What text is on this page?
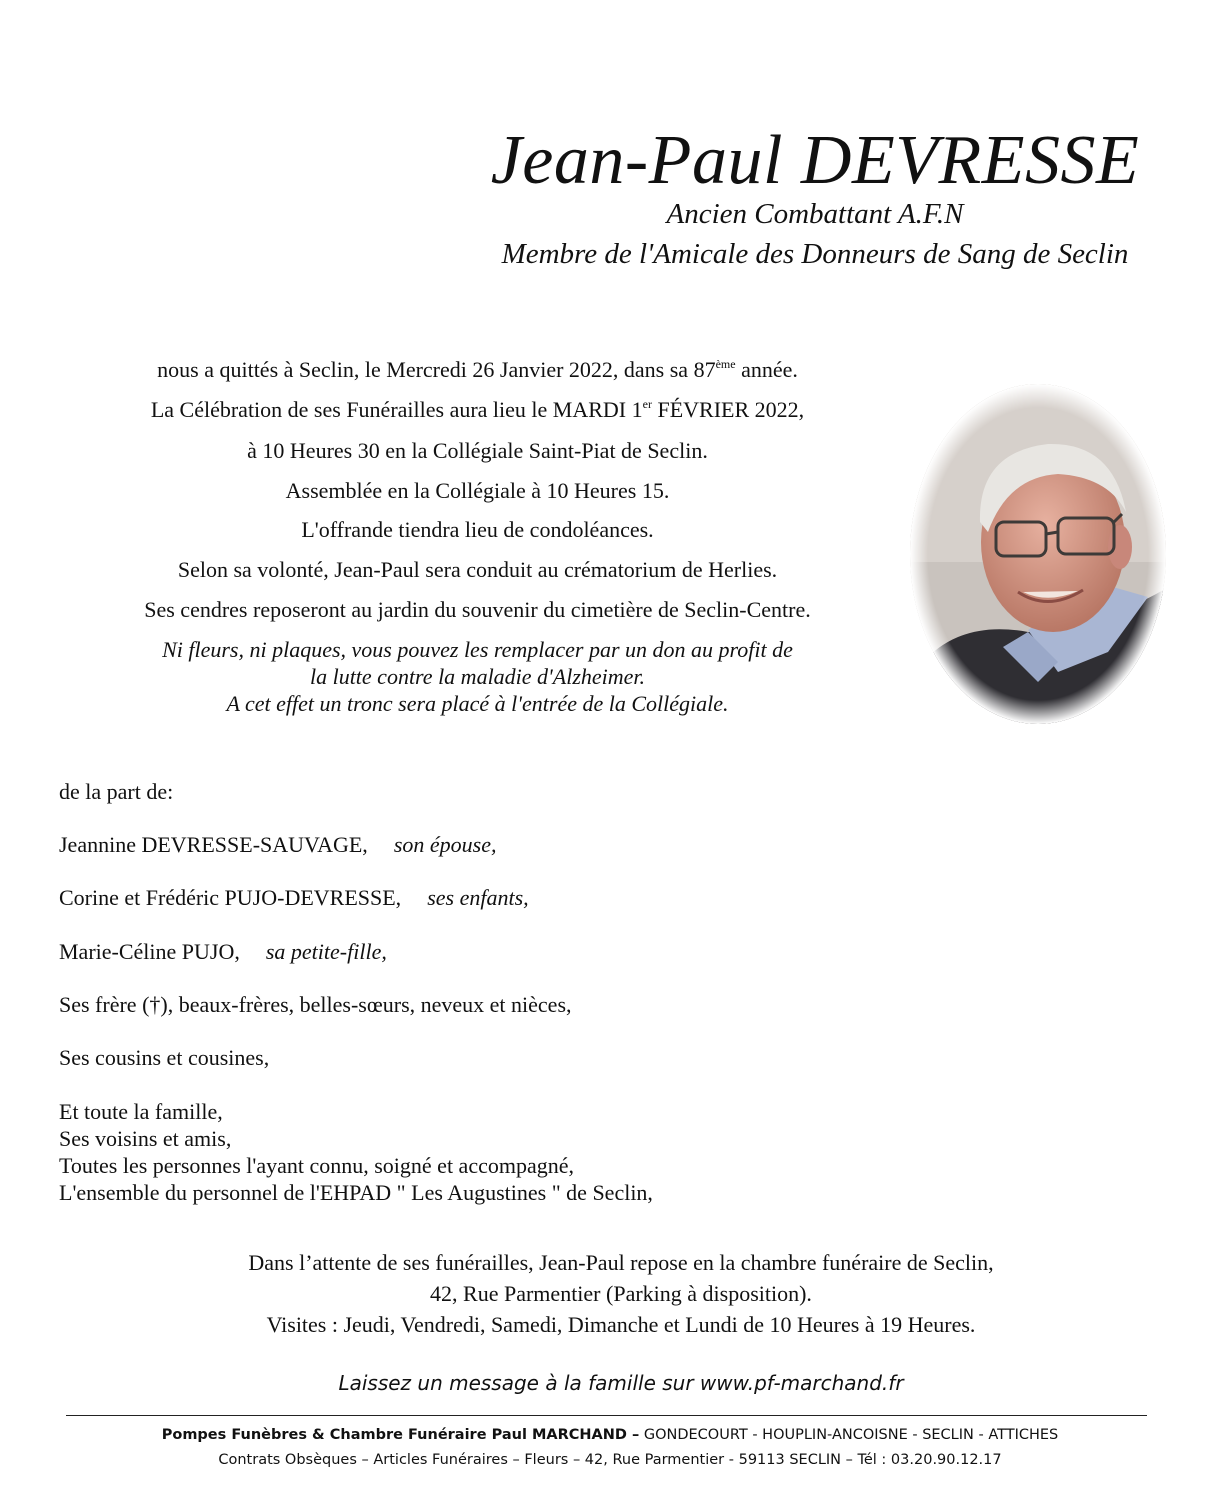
Jean-Paul DEVRESSE
Ancien Combattant A.F.N
Membre de l'Amicale des Donneurs de Sang de Seclin
nous a quittés à Seclin, le Mercredi 26 Janvier 2022, dans sa 87ème année.
La Célébration de ses Funérailles aura lieu le MARDI 1er FÉVRIER 2022,
à 10 Heures 30 en la Collégiale Saint-Piat de Seclin.
Assemblée en la Collégiale à 10 Heures 15.
L'offrande tiendra lieu de condoléances.
Selon sa volonté, Jean-Paul sera conduit au crématorium de Herlies.
Ses cendres reposeront au jardin du souvenir du cimetière de Seclin-Centre.
Ni fleurs, ni plaques, vous pouvez les remplacer par un don au profit de
la lutte contre la maladie d'Alzheimer.
A cet effet un tronc sera placé à l'entrée de la Collégiale.
de la part de:
Jeannine DEVRESSE-SAUVAGE, son épouse,
Corine et Frédéric PUJO-DEVRESSE, ses enfants,
Marie-Céline PUJO, sa petite-fille,
Ses frère (†), beaux-frères, belles-sœurs, neveux et nièces,
Ses cousins et cousines,
Et toute la famille,
Ses voisins et amis,
Toutes les personnes l'ayant connu, soigné et accompagné,
L'ensemble du personnel de l'EHPAD " Les Augustines " de Seclin,
Dans l’attente de ses funérailles, Jean-Paul repose en la chambre funéraire de Seclin,
42, Rue Parmentier (Parking à disposition).
Visites : Jeudi, Vendredi, Samedi, Dimanche et Lundi de 10 Heures à 19 Heures.
Laissez un message à la famille sur www.pf-marchand.fr
Pompes Funèbres & Chambre Funéraire Paul MARCHAND – GONDECOURT - HOUPLIN-ANCOISNE - SECLIN - ATTICHES
Contrats Obsèques – Articles Funéraires – Fleurs – 42, Rue Parmentier - 59113 SECLIN – Tél : 03.20.90.12.17
